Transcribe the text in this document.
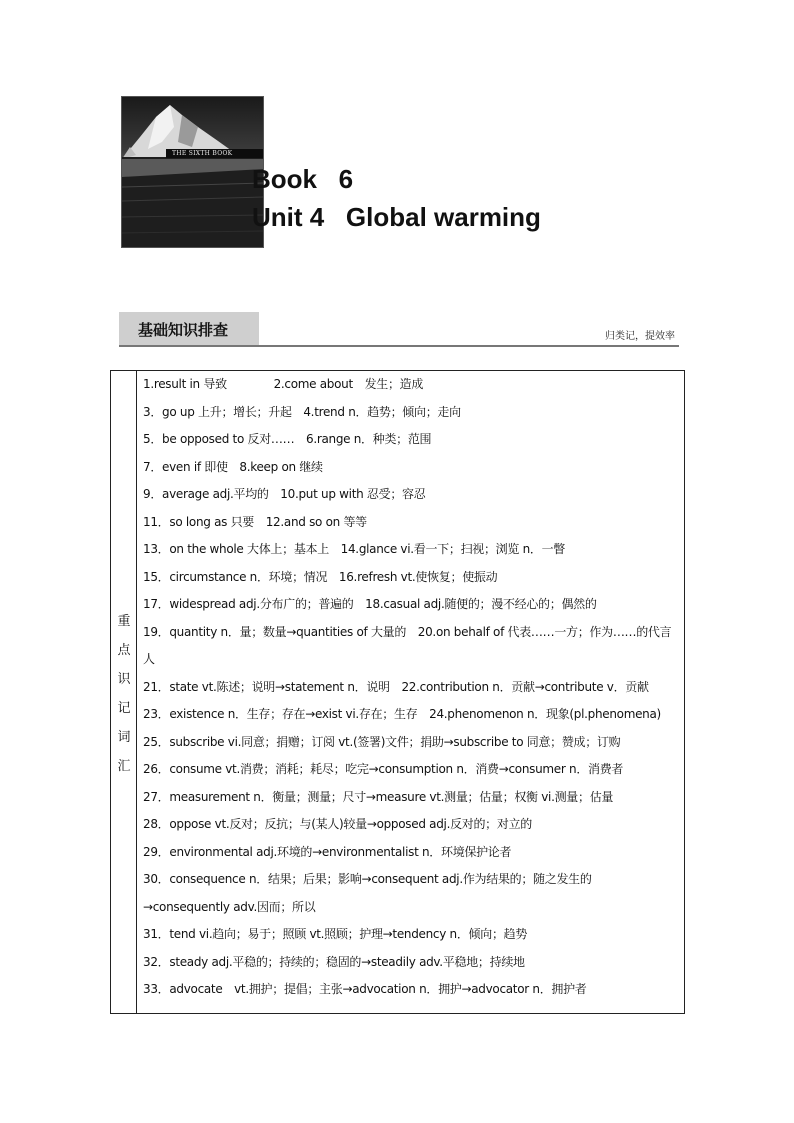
THE SIXTH BOOK
Book   6
Unit 4   Global warming
基础知识排查	归类记，提效率
重
点
识
记
词
汇
1.result in 导致　　　　2.come about　发生；造成
3．go up 上升；增长；升起　4.trend n．趋势；倾向；走向
5．be opposed to 反对……　6.range n．种类；范围
7．even if 即使　8.keep on 继续
9．average adj.平均的　10.put up with 忍受；容忍
11．so long as 只要　12.and so on 等等
13．on the whole 大体上；基本上　14.glance vi.看一下；扫视；浏览 n．一瞥
15．circumstance n．环境；情况　16.refresh vt.使恢复；使振动
17．widespread adj.分布广的；普遍的　18.casual adj.随便的；漫不经心的；偶然的
19．quantity n．量；数量→quantities of 大量的　20.on behalf of 代表……一方；作为……的代言人
21．state vt.陈述；说明→statement n．说明　22.contribution n．贡献→contribute v．贡献
23．existence n．生存；存在→exist vi.存在；生存　24.phenomenon n．现象(pl.phenomena)
25．subscribe vi.同意；捐赠；订阅 vt.(签署)文件；捐助→subscribe to 同意；赞成；订购
26．consume vt.消费；消耗；耗尽；吃完→consumption n．消费→consumer n．消费者
27．measurement n．衡量；测量；尺寸→measure vt.测量；估量；权衡 vi.测量；估量
28．oppose vt.反对；反抗；与(某人)较量→opposed adj.反对的；对立的
29．environmental adj.环境的→environmentalist n．环境保护论者
30．consequence n．结果；后果；影响→consequent adj.作为结果的；随之发生的
→consequently adv.因而；所以
31．tend vi.趋向；易于；照顾 vt.照顾；护理→tendency n．倾向；趋势
32．steady adj.平稳的；持续的；稳固的→steadily adv.平稳地；持续地
33．advocate　vt.拥护；提倡；主张→advocation n．拥护→advocator n．拥护者
